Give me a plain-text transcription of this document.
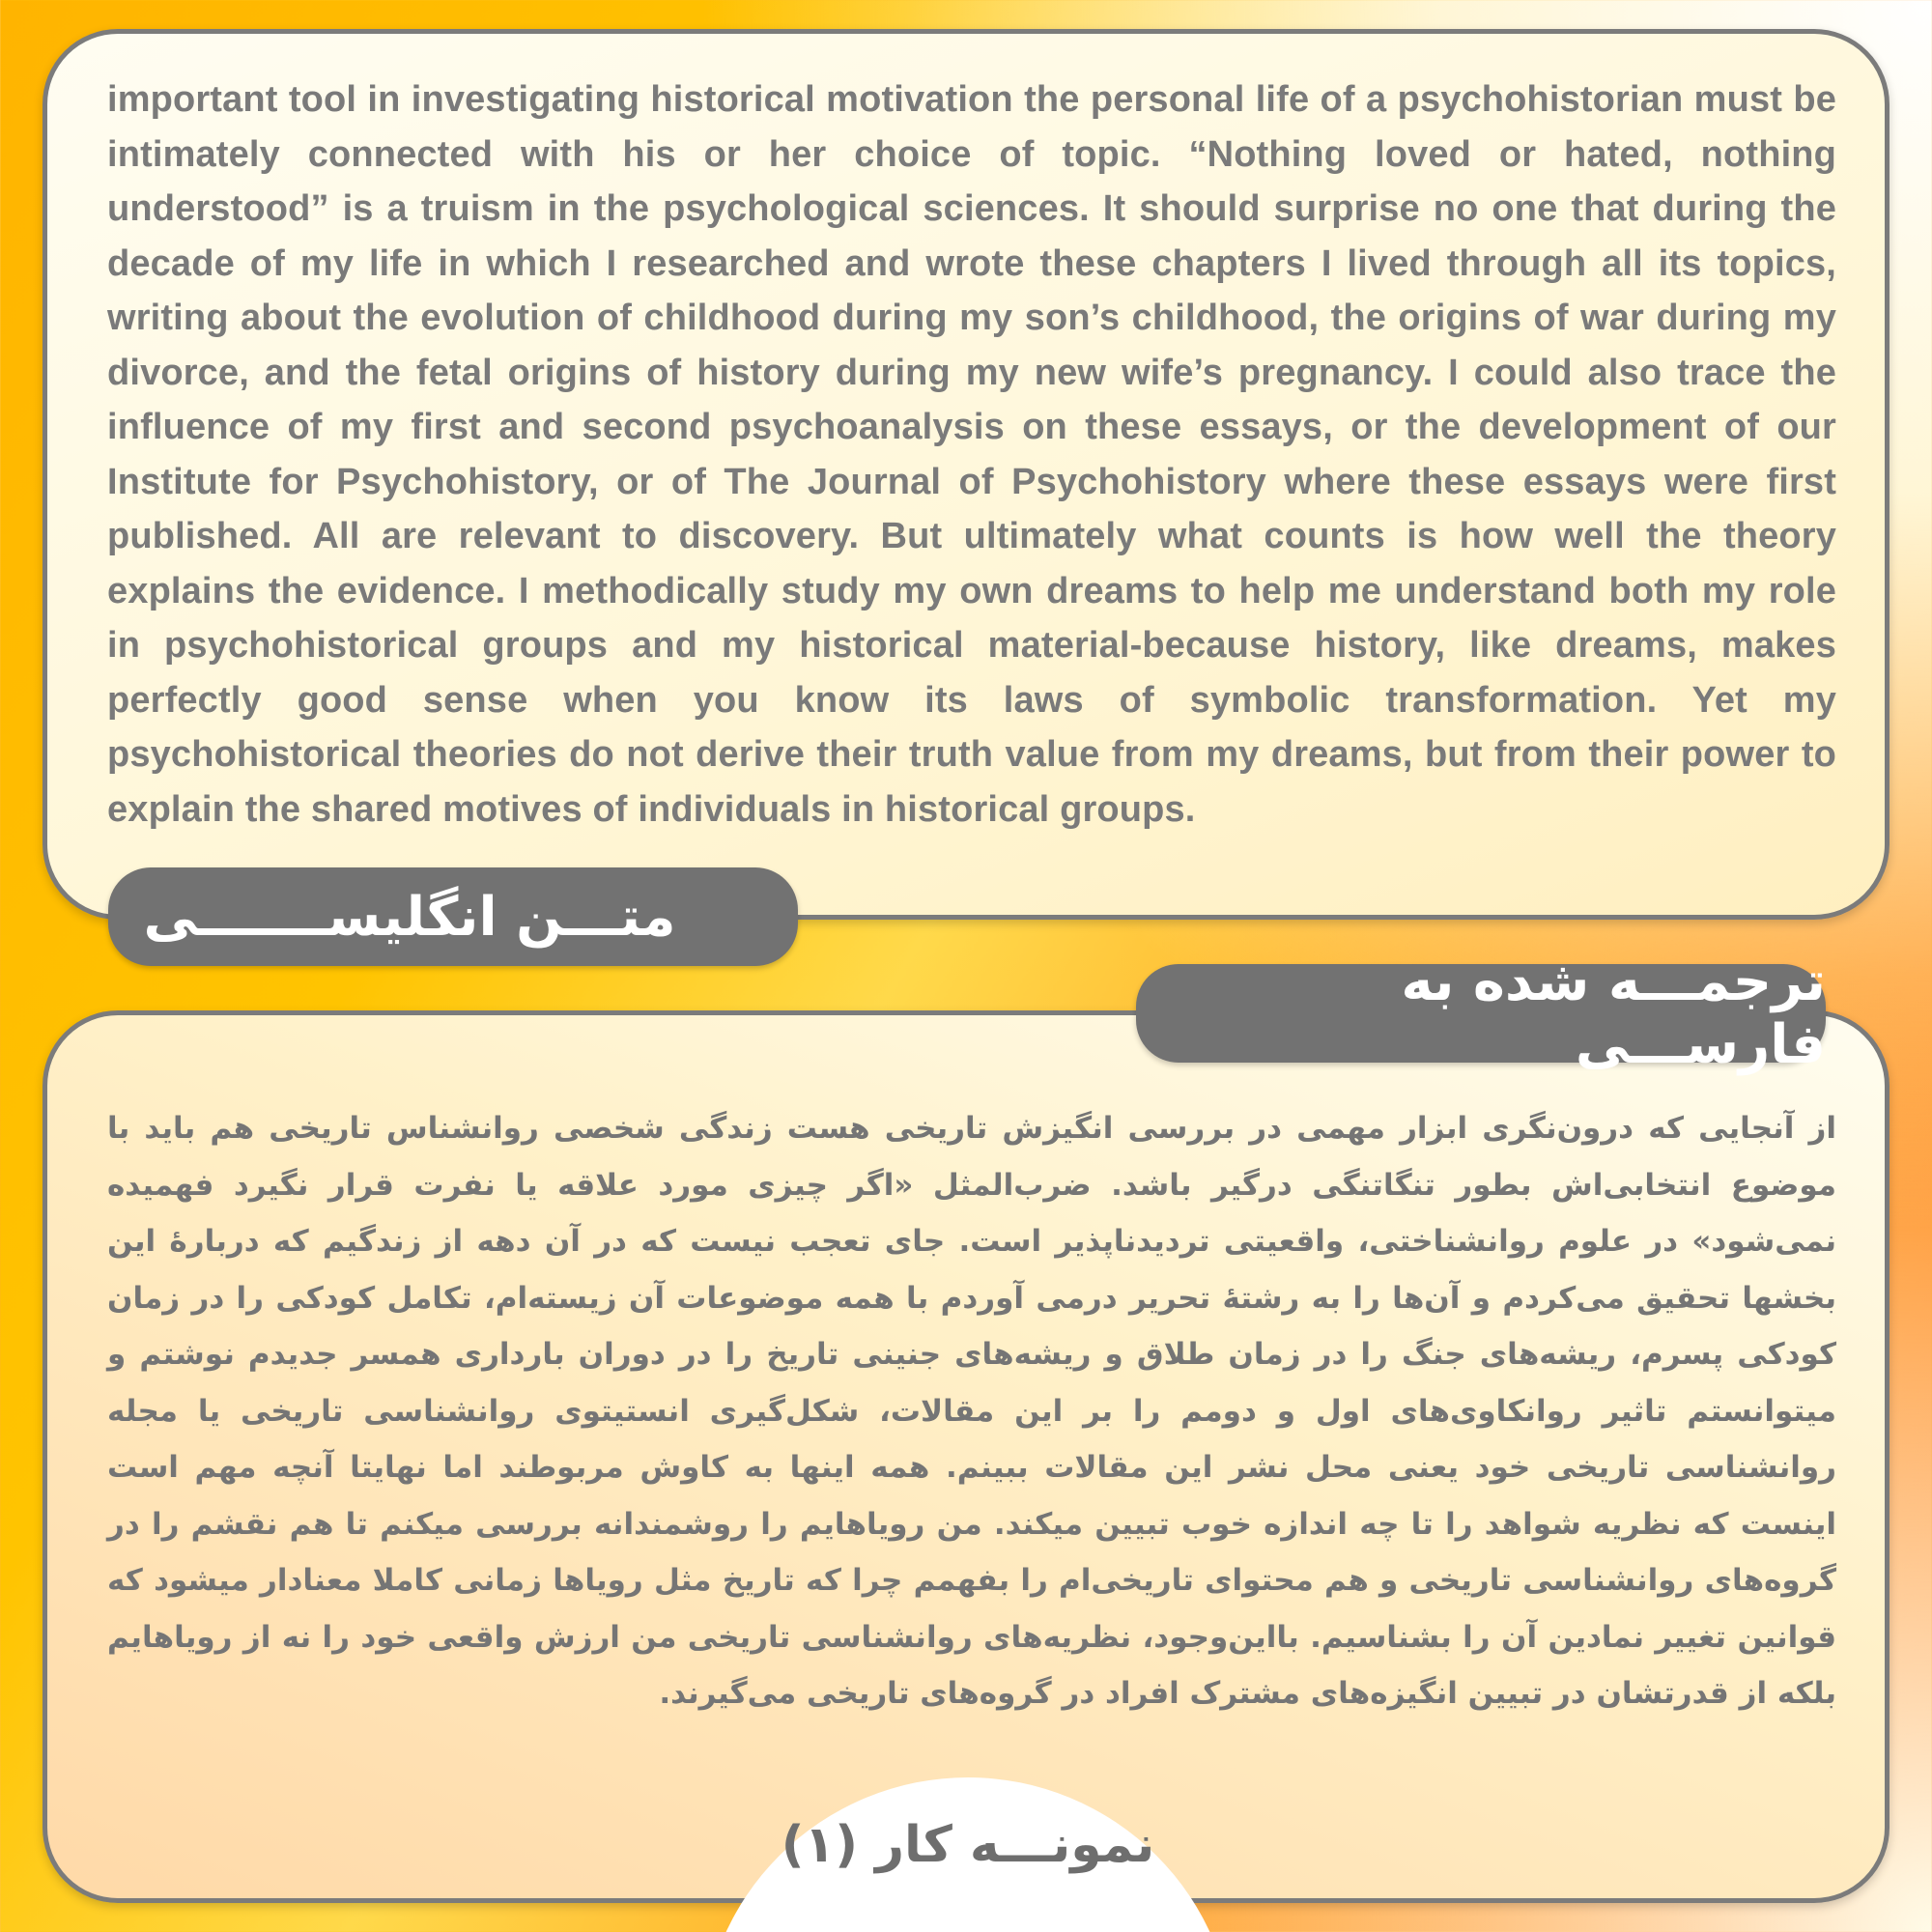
important tool in investigating historical motivation the personal life of a psychohistorian must be intimately connected with his or her choice of topic. “Nothing loved or hated, nothing understood” is a truism in the psychological sciences. It should surprise no one that during the decade of my life in which I researched and wrote these chapters I lived through all its topics, writing about the evolution of childhood during my son’s childhood, the origins of war during my divorce, and the fetal origins of history during my new wife’s pregnancy. I could also trace the influence of my first and second psychoanalysis on these essays, or the development of our Institute for Psychohistory, or of The Journal of Psychohistory where these essays were first published. All are relevant to discovery. But ultimately what counts is how well the theory explains the evidence. I methodically study my own dreams to help me understand both my role in psychohistorical groups and my historical material-because history, like dreams, makes perfectly good sense when you know its laws of symbolic transformation. Yet my psychohistorical theories do not derive their truth value from my dreams, but from their power to explain the shared motives of individuals in historical groups.

متـــن انگلیســـــــی

از آنجایی که درون‌نگری ابزار مهمی در بررسی انگیزش تاریخی هست زندگی شخصی روانشناس تاریخی هم باید با موضوع انتخابی‌اش بطور تنگاتنگی درگیر باشد. ضرب‌المثل «اگر چیزی مورد علاقه یا نفرت قرار نگیرد فهمیده نمی‌شود» در علوم روانشناختی، واقعیتی تردیدناپذیر است. جای تعجب نیست که در آن دهه از زندگیم که دربارۀ این بخشها تحقیق می‌کردم و آن‌ها را به رشتۀ تحریر درمی آوردم با همه موضوعات آن زیسته‌ام، تکامل کودکی را در زمان کودکی پسرم، ریشه‌های جنگ را در زمان طلاق و ریشه‌های جنینی تاریخ را در دوران بارداری همسر جدیدم نوشتم و میتوانستم تاثیر روانکاوی‌های اول و دومم را بر این مقالات، شکل‌گیری انستیتوی روانشناسی تاریخی یا مجله روانشناسی تاریخی خود یعنی محل نشر این مقالات ببینم. همه اینها به کاوش مربوطند اما نهایتا آنچه مهم است اینست که نظریه شواهد را تا چه اندازه خوب تبیین میکند. من رویاهایم را روشمندانه بررسی میکنم تا هم نقشم را در گروه‌های روانشناسی تاریخی و هم محتوای تاریخی‌ام را بفهمم چرا که تاریخ مثل رویاها زمانی کاملا معنادار میشود که قوانین تغییر نمادین آن را بشناسیم. بااین‌وجود، نظریه‌های روانشناسی تاریخی من ارزش واقعی خود را نه از رویاهایم بلکه از قدرتشان در تبیین انگیزه‌های مشترک افراد در گروه‌های تاریخی می‌گیرند.

ترجمـــه شده به فارســـی
نمونـــه کار (۱)
